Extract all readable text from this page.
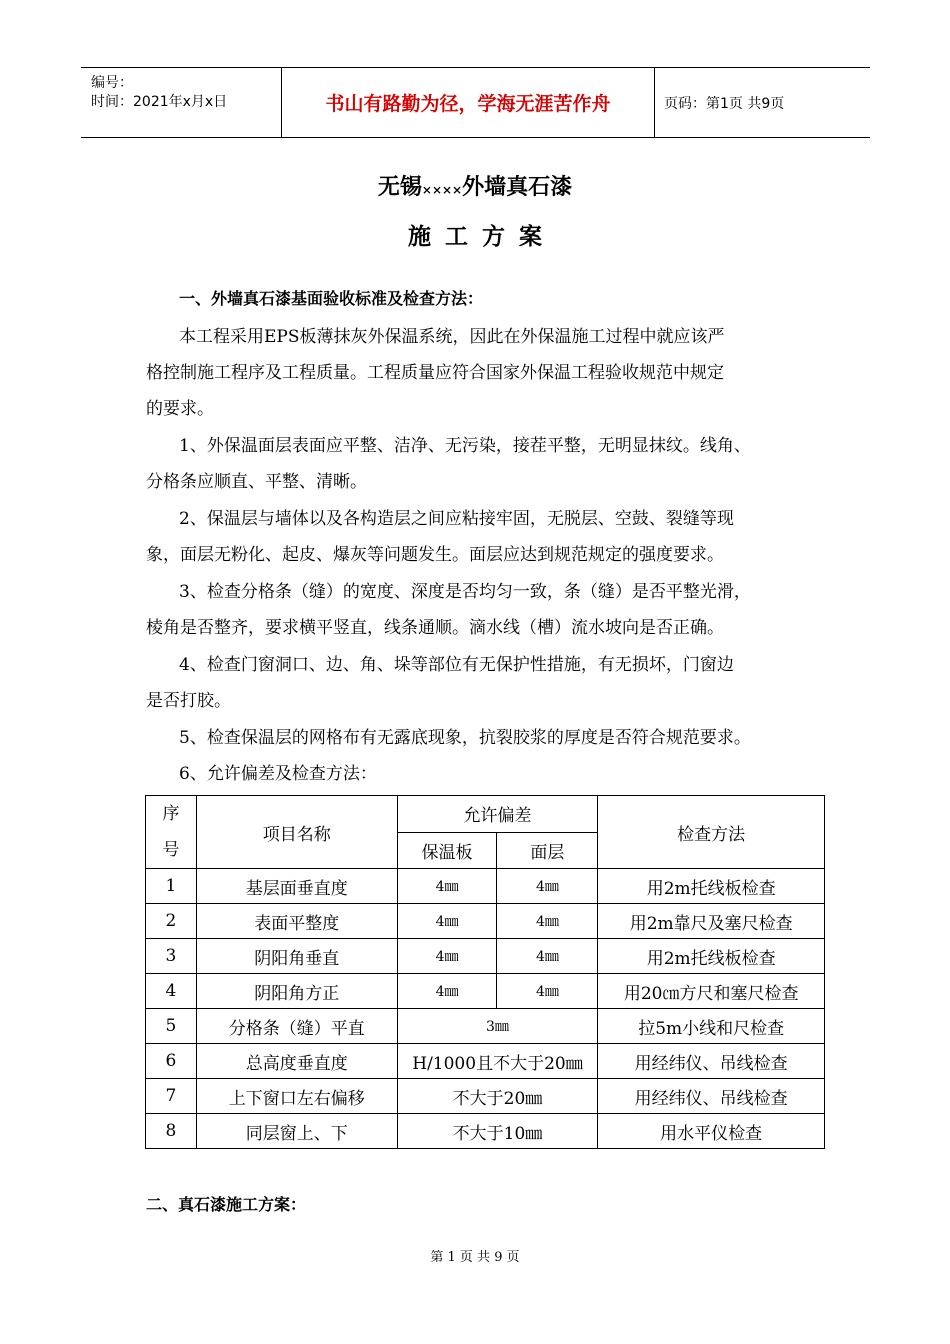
编号：
时间：2021年x月x日	书山有路勤为径，学海无涯苦作舟	页码：第1页 共9页
无锡××××外墙真石漆
施工方案
一、外墙真石漆基面验收标准及检查方法：
本工程采用EPS板薄抹灰外保温系统，因此在外保温施工过程中就应该严
格控制施工程序及工程质量。工程质量应符合国家外保温工程验收规范中规定
的要求。
1、外保温面层表面应平整、洁净、无污染，接茬平整，无明显抹纹。线角、
分格条应顺直、平整、清晰。
2、保温层与墙体以及各构造层之间应粘接牢固，无脱层、空鼓、裂缝等现
象，面层无粉化、起皮、爆灰等问题发生。面层应达到规范规定的强度要求。
3、检查分格条（缝）的宽度、深度是否均匀一致，条（缝）是否平整光滑，
棱角是否整齐，要求横平竖直，线条通顺。滴水线（槽）流水坡向是否正确。
4、检查门窗洞口、边、角、垛等部位有无保护性措施，有无损坏，门窗边
是否打胶。
5、检查保温层的网格布有无露底现象，抗裂胶浆的厚度是否符合规范要求。
6、允许偏差及检查方法：
序
号	项目名称	允许偏差		检查方法
		保温板	面层	
1	基层面垂直度	4㎜	4㎜	用2m托线板检查
2	表面平整度	4㎜	4㎜	用2m靠尺及塞尺检查
3	阴阳角垂直	4㎜	4㎜	用2m托线板检查
4	阴阳角方正	4㎜	4㎜	用20㎝方尺和塞尺检查
5	分格条（缝）平直	3㎜		拉5m小线和尺检查
6	总高度垂直度	H/1000且不大于20㎜		用经纬仪、吊线检查
7	上下窗口左右偏移	不大于20㎜		用经纬仪、吊线检查
8	同层窗上、下	不大于10㎜		用水平仪检查
二、真石漆施工方案：
第 1 页 共 9 页
